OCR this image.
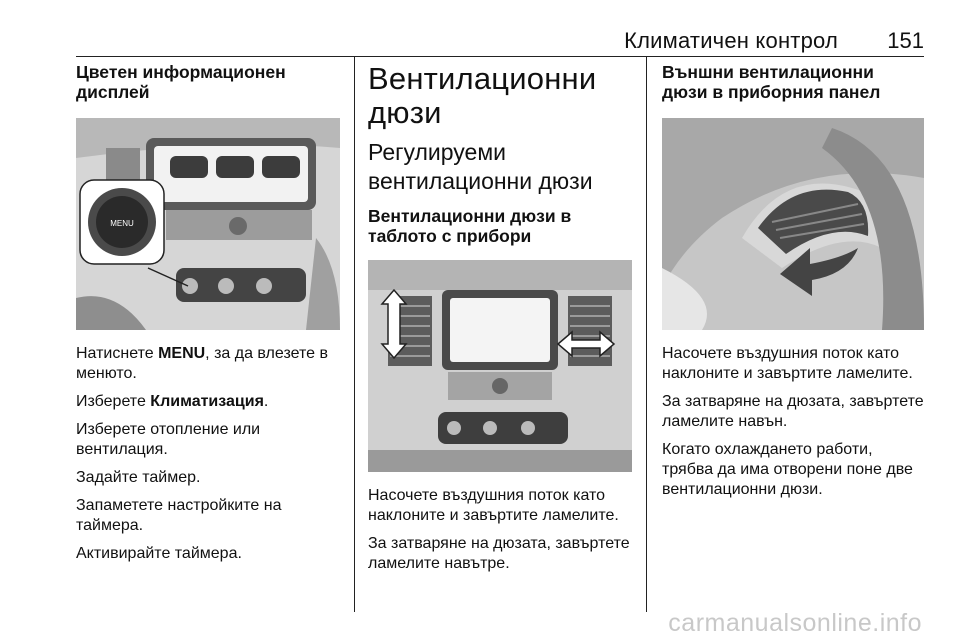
Климатичен контрол 151
Цветен информационен дисплей
MENU

Натиснете MENU, за да влезете в менюто.

Изберете Климатизация.

Изберете отопление или вентилация.

Задайте таймер.

Запаметете настройките на таймера.

Активирайте таймера.

Вентилационни дюзи
Регулируеми вентилационни дюзи
Вентилационни дюзи в таблото с прибори

Насочете въздушния поток като наклоните и завъртите ламелите.

За затваряне на дюзата, завъртете ламелите навътре.

Външни вентилационни дюзи в приборния панел

Насочете въздушния поток като наклоните и завъртите ламелите.

За затваряне на дюзата, завъртете ламелите навън.

Когато охлаждането работи, трябва да има отворени поне две вентилационни дюзи.

carmanualsonline.info
